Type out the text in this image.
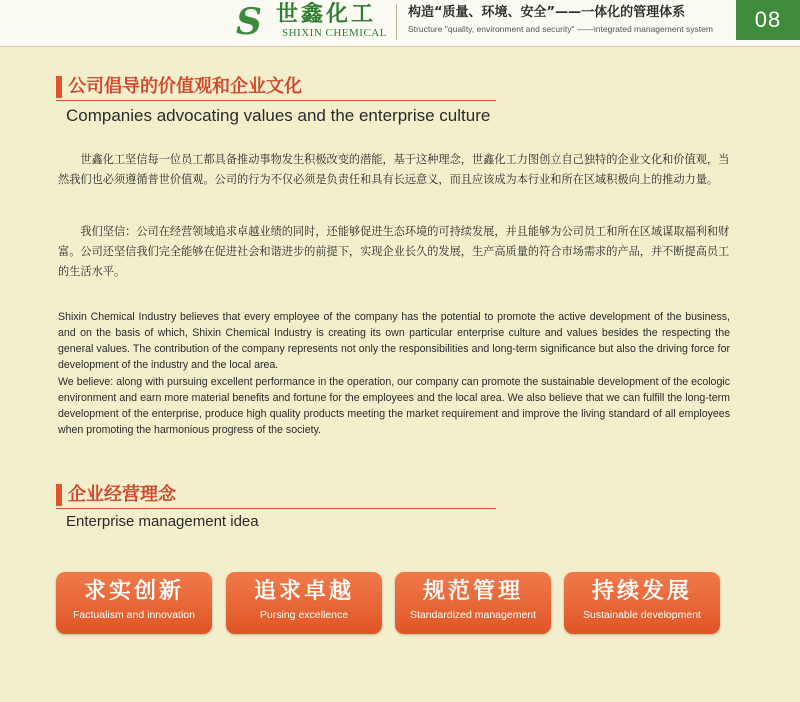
S 世鑫化工
SHIXIN CHEMICAL
构造“质量、环境、安全”——一体化的管理体系
Structure "quality, environment and security" ——integrated management system	08
公司倡导的价值观和企业文化
Companies advocating values and the enterprise culture
世鑫化工坚信每一位员工都具备推动事物发生积极改变的潜能，基于这种理念，世鑫化工力图创立自己独特的企业文化和价值观，当然我们也必须遵循普世价值观。公司的行为不仅必须是负责任和具有长远意义，而且应该成为本行业和所在区域积极向上的推动力量。
我们坚信：公司在经营领域追求卓越业绩的同时，还能够促进生态环境的可持续发展，并且能够为公司员工和所在区域谋取福利和财富。公司还坚信我们完全能够在促进社会和谐进步的前提下，实现企业长久的发展，生产高质量的符合市场需求的产品，并不断提高员工的生活水平。
Shixin Chemical Industry believes that every employee of the company has the potential to promote the active development of the business, and on the basis of which, Shixin Chemical Industry is creating its own particular enterprise culture and values besides the respecting the general values. The contribution of the company represents not only the responsibilities and long-term significance but also the driving force for development of the industry and the local area.
We believe: along with pursuing excellent performance in the operation, our company can promote the sustainable development of the ecologic environment and earn more material benefits and fortune for the employees and the local area. We also believe that we can fulfill the long-term development of the enterprise, produce high quality products meeting the market requirement and improve the living standard of all employees when promoting the harmonious progress of the society.
企业经营理念
Enterprise management idea
求实创新
Factualism and innovation
追求卓越
Pursing excellence
规范管理
Standardized management
持续发展
Sustainable development
